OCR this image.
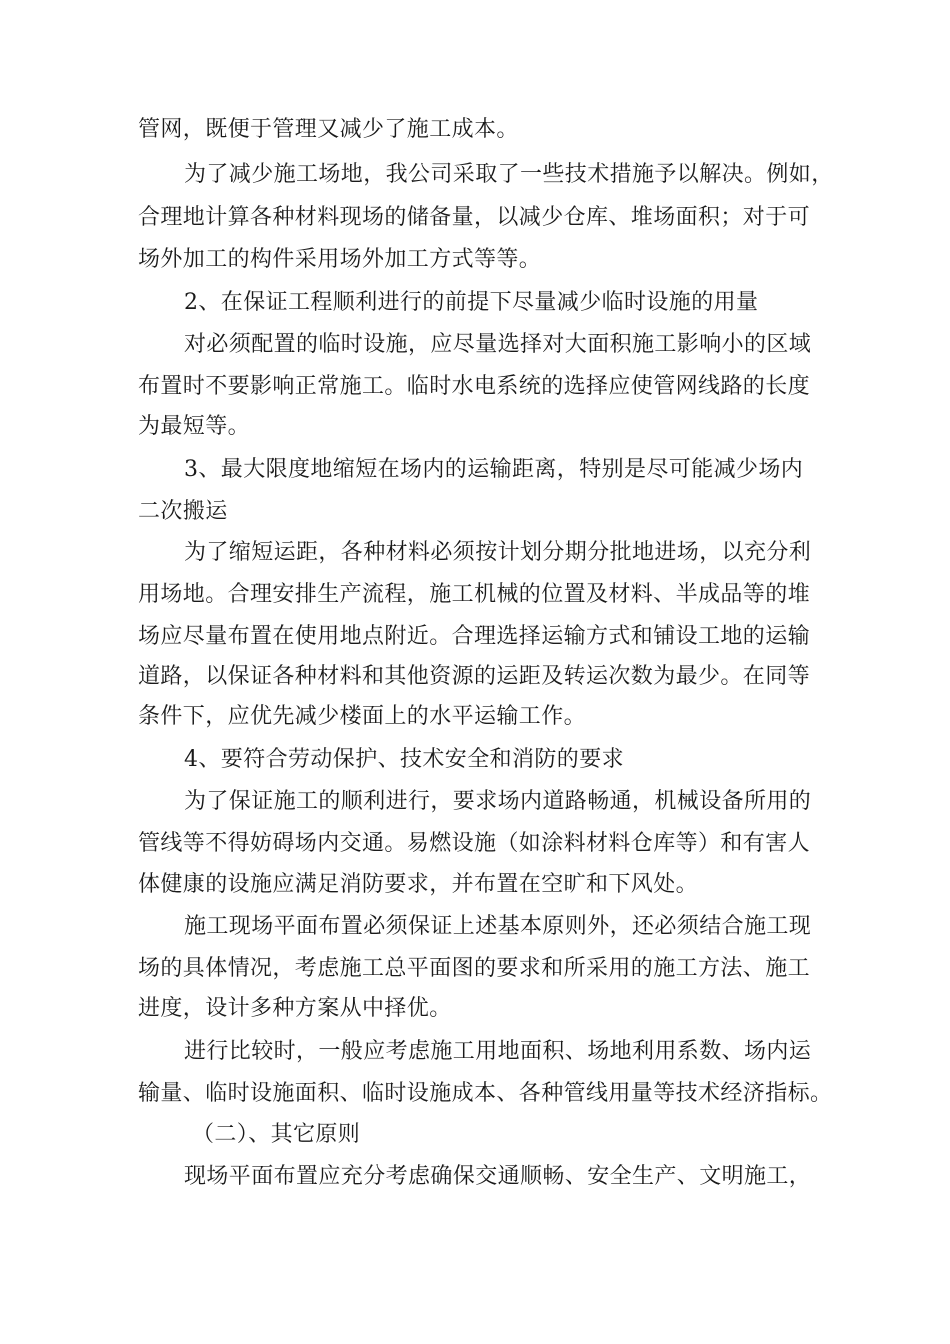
管网，既便于管理又减少了施工成本。
为了减少施工场地，我公司采取了一些技术措施予以解决。例如，
合理地计算各种材料现场的储备量，以减少仓库、堆场面积；对于可
场外加工的构件采用场外加工方式等等。
2、在保证工程顺利进行的前提下尽量减少临时设施的用量
对必须配置的临时设施，应尽量选择对大面积施工影响小的区域
布置时不要影响正常施工。临时水电系统的选择应使管网线路的长度
为最短等。
3、最大限度地缩短在场内的运输距离，特别是尽可能减少场内
二次搬运
为了缩短运距，各种材料必须按计划分期分批地进场，以充分利
用场地。合理安排生产流程，施工机械的位置及材料、半成品等的堆
场应尽量布置在使用地点附近。合理选择运输方式和铺设工地的运输
道路，以保证各种材料和其他资源的运距及转运次数为最少。在同等
条件下，应优先减少楼面上的水平运输工作。
4、要符合劳动保护、技术安全和消防的要求
为了保证施工的顺利进行，要求场内道路畅通，机械设备所用的
管线等不得妨碍场内交通。易燃设施（如涂料材料仓库等）和有害人
体健康的设施应满足消防要求，并布置在空旷和下风处。
施工现场平面布置必须保证上述基本原则外，还必须结合施工现
场的具体情况，考虑施工总平面图的要求和所采用的施工方法、施工
进度，设计多种方案从中择优。
进行比较时，一般应考虑施工用地面积、场地利用系数、场内运
输量、临时设施面积、临时设施成本、各种管线用量等技术经济指标。
（二）、其它原则
现场平面布置应充分考虑确保交通顺畅、安全生产、文明施工，
